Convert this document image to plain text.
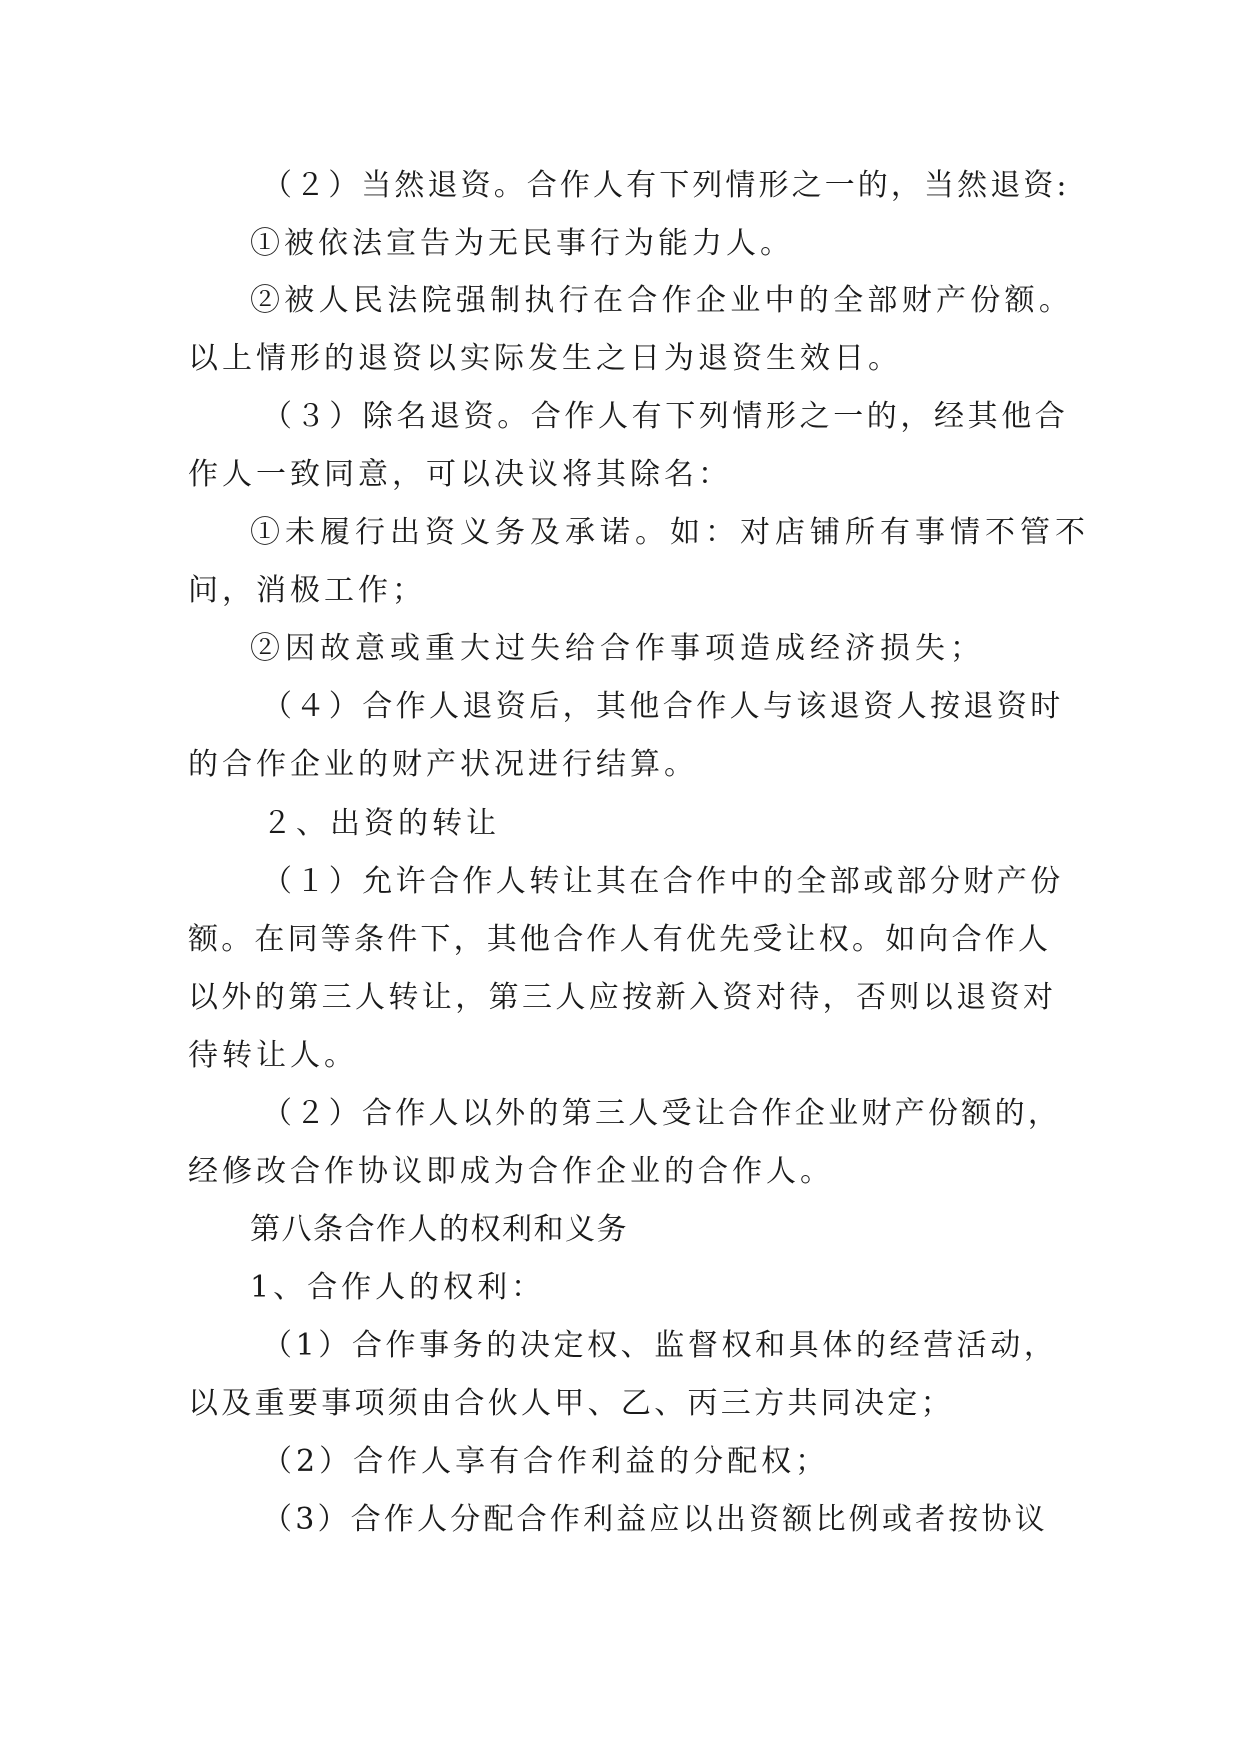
（２）当然退资。合作人有下列情形之一的，当然退资:

①被依法宣告为无民事行为能力人。

②被人民法院强制执行在合作企业中的全部财产份额。

以上情形的退资以实际发生之日为退资生效日。

（３）除名退资。合作人有下列情形之一的，经其他合

作人一致同意，可以决议将其除名：

①未履行出资义务及承诺。如：对店铺所有事情不管不

问，消极工作；

②因故意或重大过失给合作事项造成经济损失；

（４）合作人退资后，其他合作人与该退资人按退资时

的合作企业的财产状况进行结算。

２、出资的转让

（１）允许合作人转让其在合作中的全部或部分财产份

额。在同等条件下，其他合作人有优先受让权。如向合作人

以外的第三人转让，第三人应按新入资对待，否则以退资对

待转让人。

（２）合作人以外的第三人受让合作企业财产份额的，

经修改合作协议即成为合作企业的合作人。

第八条合作人的权利和义务

1、合作人的权利：

（1）合作事务的决定权、监督权和具体的经营活动，

以及重要事项须由合伙人甲、乙、丙三方共同决定；

（2）合作人享有合作利益的分配权；

（3）合作人分配合作利益应以出资额比例或者按协议
